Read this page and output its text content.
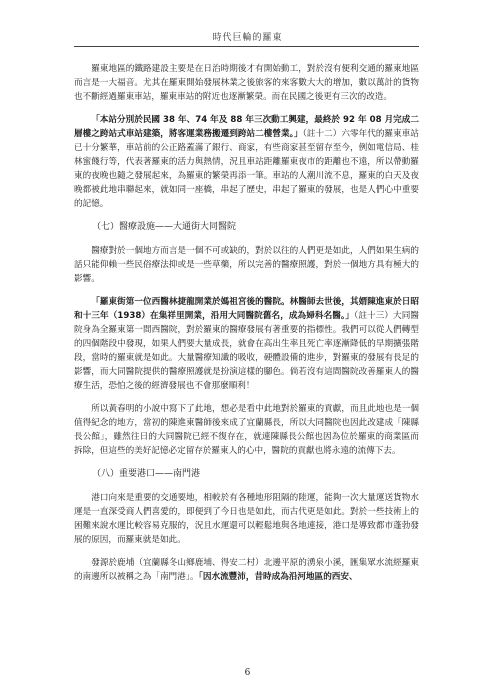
時代巨輪的羅東

羅東地區的鐵路建設主要是在日治時期後才有開始動工，對於沒有便利交通的羅東地區而言是一大福音。尤其在羅東開始發展林業之後旅客的來客數大大的增加，數以萬計的貨物也不斷經過羅東車站，羅東車站的附近也逐漸繁榮。而在民國之後更有三次的改造。

「本站分別於民國 38 年、74 年及 88 年三次動工興建，最終於 92 年 08 月完成二層樓之跨站式車站建築，將客運業務搬遷到跨站二樓營業。」（註十二）六零年代的羅東車站已十分繁華，車站前的公正路蓋滿了銀行、商家，有些商家甚至留存至今，例如電信局、桂林蜜餞行等，代表著羅東的活力與熱情，況且車站距離羅東夜市的距離也不遠，所以帶動羅東的夜晚也隨之發展起來，為羅東的繁榮再添一筆。車站的人潮川流不息，羅東的白天及夜晚都被此地串聯起來，就如同一座橋，串起了歷史，串起了羅東的發展，也是人們心中重要的記憶。

（七）醫療設施——大通街大同醫院

醫療對於一個地方而言是一個不可或缺的，對於以往的人們更是如此，人們如果生病的話只能仰賴一些民俗療法抑或是一些草藥，所以完善的醫療照護，對於一個地方具有極大的影響。

「羅東街第一位西醫林捷龍開業於媽祖宮後的醫院。林醫師去世後，其婿陳進東於日昭和十三年（1938）在集祥里開業，沿用大同醫院舊名，成為婦科名醫。」（註十三）大同醫院身為全羅東第一間西醫院，對於羅東的醫療發展有著重要的指標性。我們可以從人們轉型的四個階段中發現，如果人們要大量成長，就會在高出生率且死亡率逐漸降低的早期擴張階段，當時的羅東就是如此。大量醫療知識的吸收，硬體設備的進步，對羅東的發展有長足的影響，而大同醫院提供的醫療照護就是扮演這樣的腳色。倘若沒有這間醫院改善羅東人的醫療生活，恐怕之後的經濟發展也不會那麼順利！

所以黃春明的小說中寫下了此地，想必是看中此地對於羅東的貢獻，而且此地也是一個值得紀念的地方，當初的陳進東醫師後來成了宜蘭縣長，所以大同醫院也因此改建成「陳縣長公館」，雖然往日的大同醫院已經不復存在，就連陳縣長公館也因為位於羅東的商業區而拆除，但這些的美好記憶必定留存於羅東人的心中，醫院的貢獻也將永遠的流傳下去。

（八）重要港口——南門港

港口向來是重要的交通要地，相較於有各種地形阻隔的陸運，能夠一次大量運送貨物水運是一直深受商人們喜愛的，即便到了今日也是如此，而古代更是如此。對於一些技術上的困難來說水運比較容易克服的，況且水運還可以輕鬆地與各地連接，港口是導致都市蓬勃發展的原因，而羅東就是如此。

發源於鹿埔（宜蘭縣冬山鄉鹿埔、得安二村）北邊平原的湧泉小溪，匯集眾水流經羅東的南邊所以被稱之為「南門港」。「因水流豐沛，昔時成為沿河地區的西安、

6
